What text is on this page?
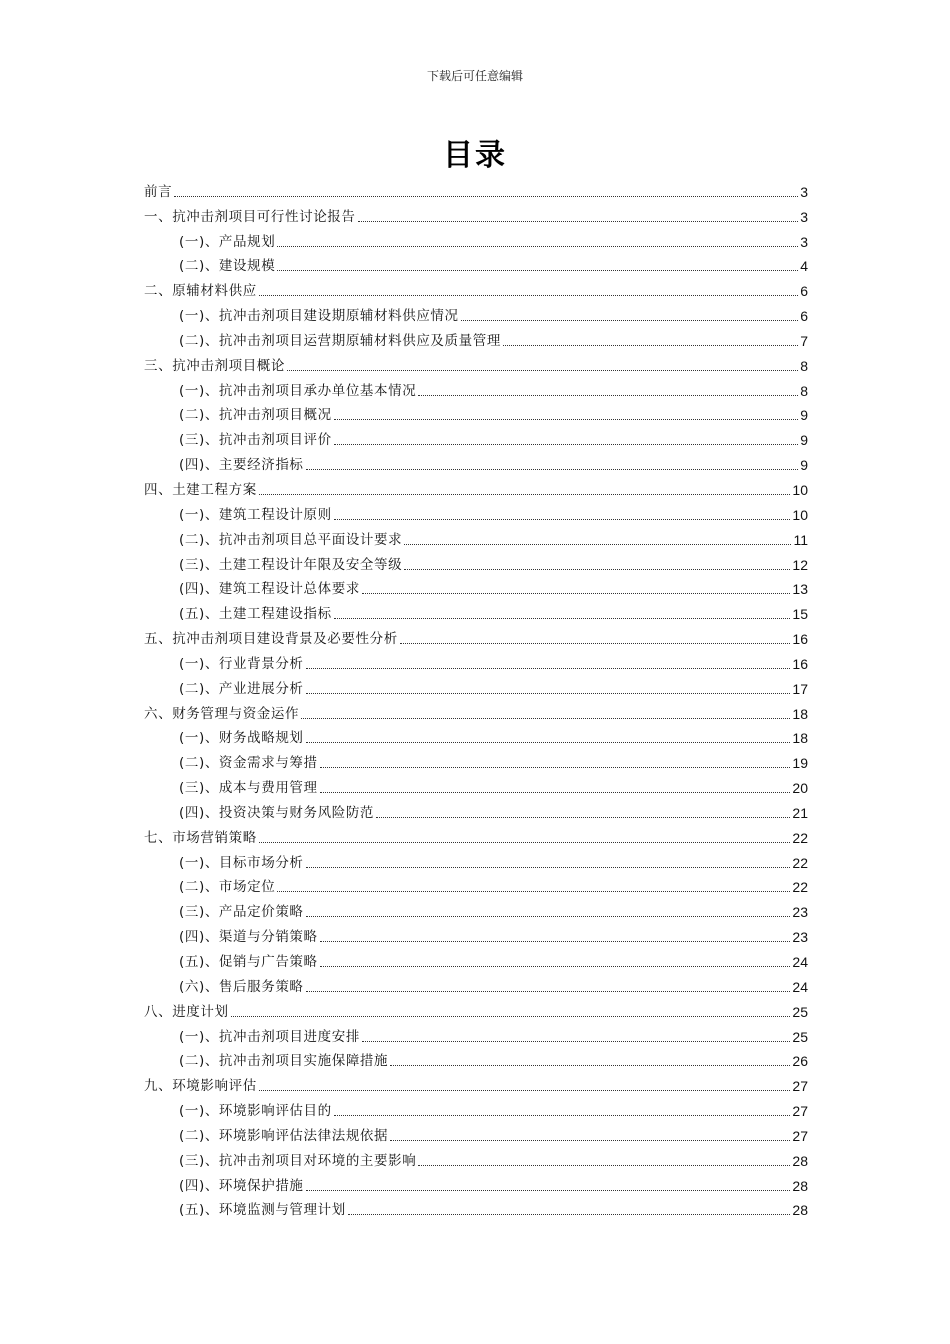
下载后可任意编辑
目录
前言	3
一、抗冲击剂项目可行性讨论报告	3
(一)、产品规划	3
(二)、建设规模	4
二、原辅材料供应	6
(一)、抗冲击剂项目建设期原辅材料供应情况	6
(二)、抗冲击剂项目运营期原辅材料供应及质量管理	7
三、抗冲击剂项目概论	8
(一)、抗冲击剂项目承办单位基本情况	8
(二)、抗冲击剂项目概况	9
(三)、抗冲击剂项目评价	9
(四)、主要经济指标	9
四、土建工程方案	10
(一)、建筑工程设计原则	10
(二)、抗冲击剂项目总平面设计要求	11
(三)、土建工程设计年限及安全等级	12
(四)、建筑工程设计总体要求	13
(五)、土建工程建设指标	15
五、抗冲击剂项目建设背景及必要性分析	16
(一)、行业背景分析	16
(二)、产业进展分析	17
六、财务管理与资金运作	18
(一)、财务战略规划	18
(二)、资金需求与筹措	19
(三)、成本与费用管理	20
(四)、投资决策与财务风险防范	21
七、市场营销策略	22
(一)、目标市场分析	22
(二)、市场定位	22
(三)、产品定价策略	23
(四)、渠道与分销策略	23
(五)、促销与广告策略	24
(六)、售后服务策略	24
八、进度计划	25
(一)、抗冲击剂项目进度安排	25
(二)、抗冲击剂项目实施保障措施	26
九、环境影响评估	27
(一)、环境影响评估目的	27
(二)、环境影响评估法律法规依据	27
(三)、抗冲击剂项目对环境的主要影响	28
(四)、环境保护措施	28
(五)、环境监测与管理计划	28
